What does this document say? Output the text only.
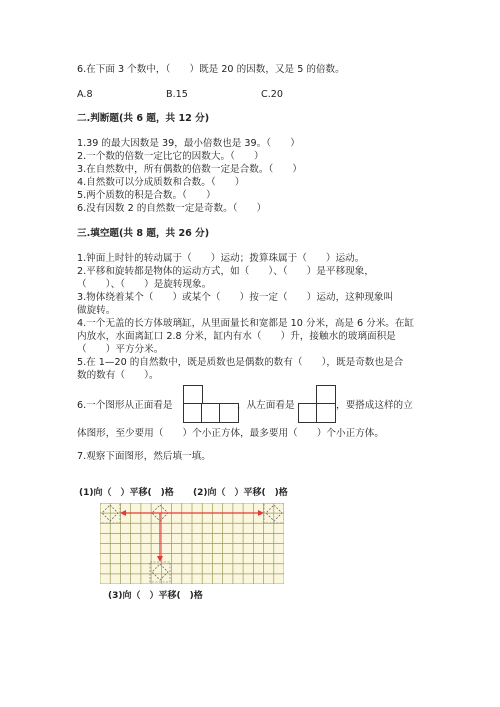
6.在下面 3 个数中，（　　）既是 20 的因数，又是 5 的倍数。
A.8	B.15	C.20
二.判断题(共 6 题，共 12 分)
1.39 的最大因数是 39，最小倍数也是 39。（　　）
2.一个数的倍数一定比它的因数大。（　　）
3.在自然数中，所有偶数的倍数一定是合数。（　　）
4.自然数可以分成质数和合数。（　　）
5.两个质数的积是合数。（　　）
6.没有因数 2 的自然数一定是奇数。（　　）
三.填空题(共 8 题，共 26 分)
1.钟面上时针的转动属于（　　）运动；拨算珠属于（　　）运动。
2.平移和旋转都是物体的运动方式，如（　　）、（　　）是平移现象，
（　　）、（　　）是旋转现象。
3.物体绕着某个（　　）或某个（　　）按一定（　　）运动，这种现象叫
做旋转。
4.一个无盖的长方体玻璃缸，从里面量长和宽都是 10 分米，高是 6 分米。在缸
内放水，水面离缸口 2.8 分米，缸内有水（　　）升，接触水的玻璃面积是
（　　）平方分米。
5.在 1—20 的自然数中，既是质数也是偶数的数有（　　），既是奇数也是合
数的数有（　　）。
6.一个图形从正面看是	，从左面看是	，要搭成这样的立
体图形，至少要用（　　）个小正方体，最多要用（　　）个小正方体。
7.观察下面图形，然后填一填。
(1)向（　）平移(　)格 (2)向（　）平移(　)格
(3)向（　）平移(　)格
